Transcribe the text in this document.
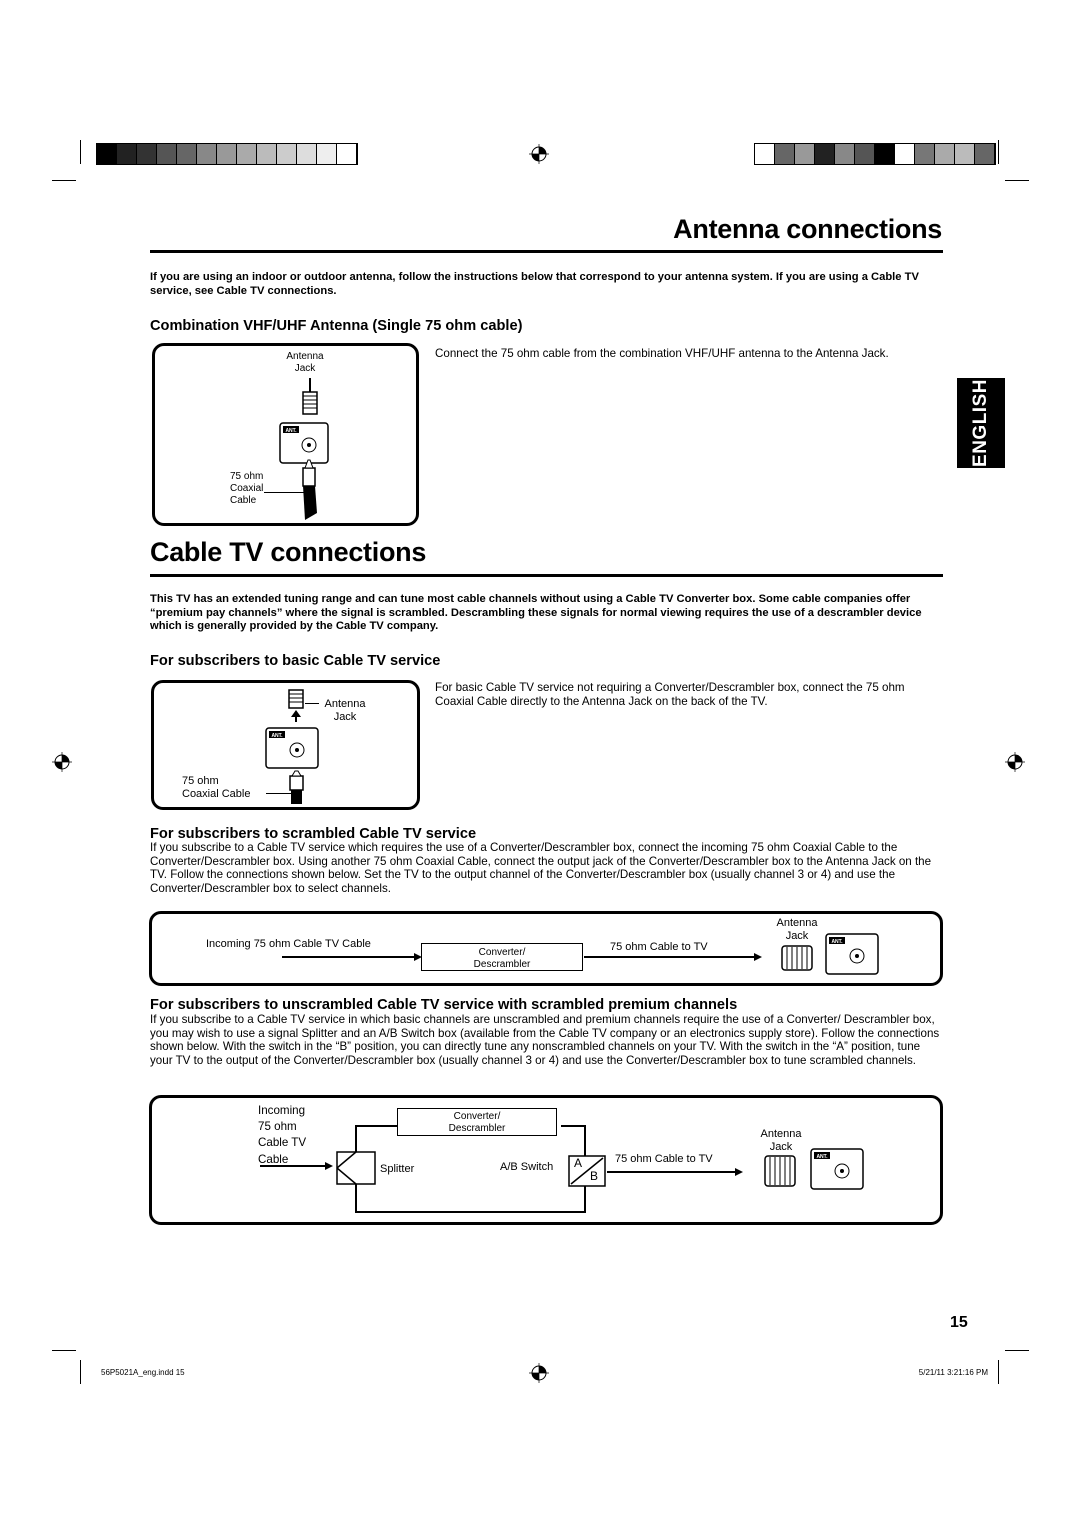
Antenna connections
If you are using an indoor or outdoor antenna, follow the instructions below that correspond to your antenna system. If you are using a Cable TV service, see Cable TV connections.
Combination VHF/UHF Antenna (Single 75 ohm cable)
Connect the 75 ohm cable from the combination VHF/UHF antenna to the Antenna Jack.
Antenna
Jack
ANT.
75 ohm
Coaxial
Cable
ENGLISH
Cable TV connections
This TV has an extended tuning range and can tune most cable channels without using a Cable TV Converter box. Some cable companies offer “premium pay channels” where the signal is scrambled. Descrambling these signals for normal viewing requires the use of a descrambler device which is generally provided by the Cable TV company.
For subscribers to basic Cable TV service
For basic Cable TV service not requiring a Converter/Descrambler box, connect the 75 ohm Coaxial Cable directly to the Antenna Jack on the back of the TV.
ANT.
Antenna
Jack
75 ohm
Coaxial Cable
For subscribers to scrambled Cable TV service
If you subscribe to a Cable TV service which requires the use of a Converter/Descrambler box, connect the incoming 75 ohm Coaxial Cable to the Converter/Descrambler box. Using another 75 ohm Coaxial Cable, connect the output jack of the Converter/Descrambler box to the Antenna Jack on the TV. Follow the connections shown below. Set the TV to the output channel of the Converter/Descrambler box (usually channel 3 or 4) and use the Converter/Descrambler box to select channels.
Incoming 75 ohm Cable TV Cable
Converter/
Descrambler
75 ohm Cable to TV
Antenna
Jack
ANT.
For subscribers to unscrambled Cable TV service with scrambled premium channels
If you subscribe to a Cable TV service in which basic channels are unscrambled and premium channels require the use of a Converter/ Descrambler box, you may wish to use a signal Splitter and an A/B Switch box (available from the Cable TV company or an electronics supply store). Follow the connections shown below. With the switch in the “B” position, you can directly tune any nonscrambled channels on your TV. With the switch in the “A” position, tune your TV to the output of the Converter/Descrambler box (usually channel 3 or 4) and use the Converter/Descrambler box to tune scrambled channels.
Incoming
75 ohm
Cable TV
Cable
Converter/
Descrambler
Splitter	A/B Switch A
B
75 ohm Cable to TV
Antenna
Jack
ANT.
15
56P5021A_eng.indd 15	5/21/11 3:21:16 PM
